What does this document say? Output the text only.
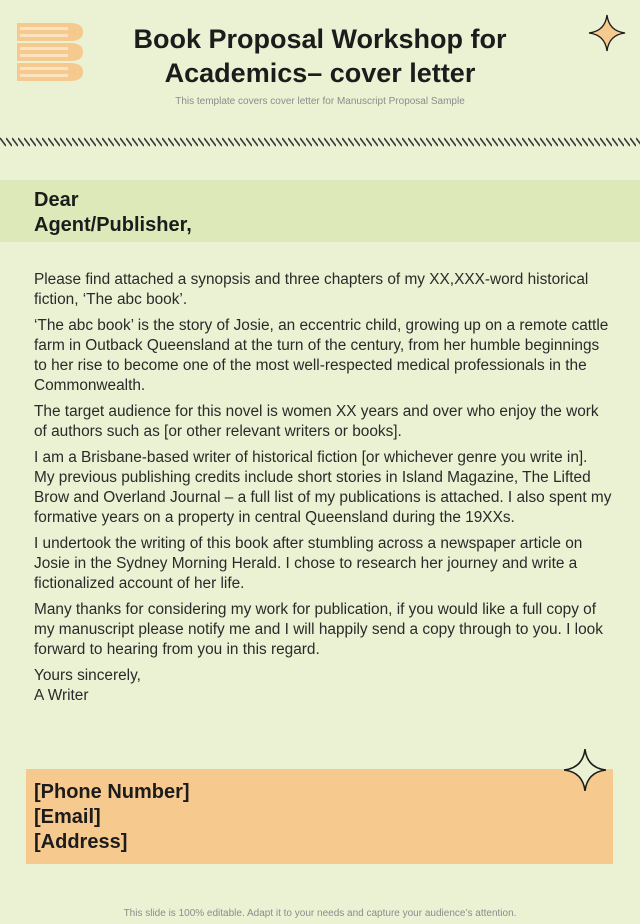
Book Proposal Workshop for Academics– cover letter
This template covers cover letter for Manuscript Proposal Sample
Dear
Agent/Publisher,

Please find attached a synopsis and three chapters of my XX,XXX-word historical fiction, ‘The abc book’.

‘The abc book’ is the story of Josie, an eccentric child, growing up on a remote cattle farm in Outback Queensland at the turn of the century, from her humble beginnings to her rise to become one of the most well-respected medical professionals in the Commonwealth.

The target audience for this novel is women XX years and over who enjoy the work of authors such as [or other relevant writers or books].

I am a Brisbane-based writer of historical fiction [or whichever genre you write in]. My previous publishing credits include short stories in Island Magazine, The Lifted Brow and Overland Journal – a full list of my publications is attached. I also spent my formative years on a property in central Queensland during the 19XXs.

I undertook the writing of this book after stumbling across a newspaper article on Josie in the Sydney Morning Herald. I chose to research her journey and write a fictionalized account of her life.

Many thanks for considering my work for publication, if you would like a full copy of my manuscript please notify me and I will happily send a copy through to you. I look forward to hearing from you in this regard.

Yours sincerely,
A Writer
[Phone Number]
[Email]
[Address]
This slide is 100% editable. Adapt it to your needs and capture your audience’s attention.
